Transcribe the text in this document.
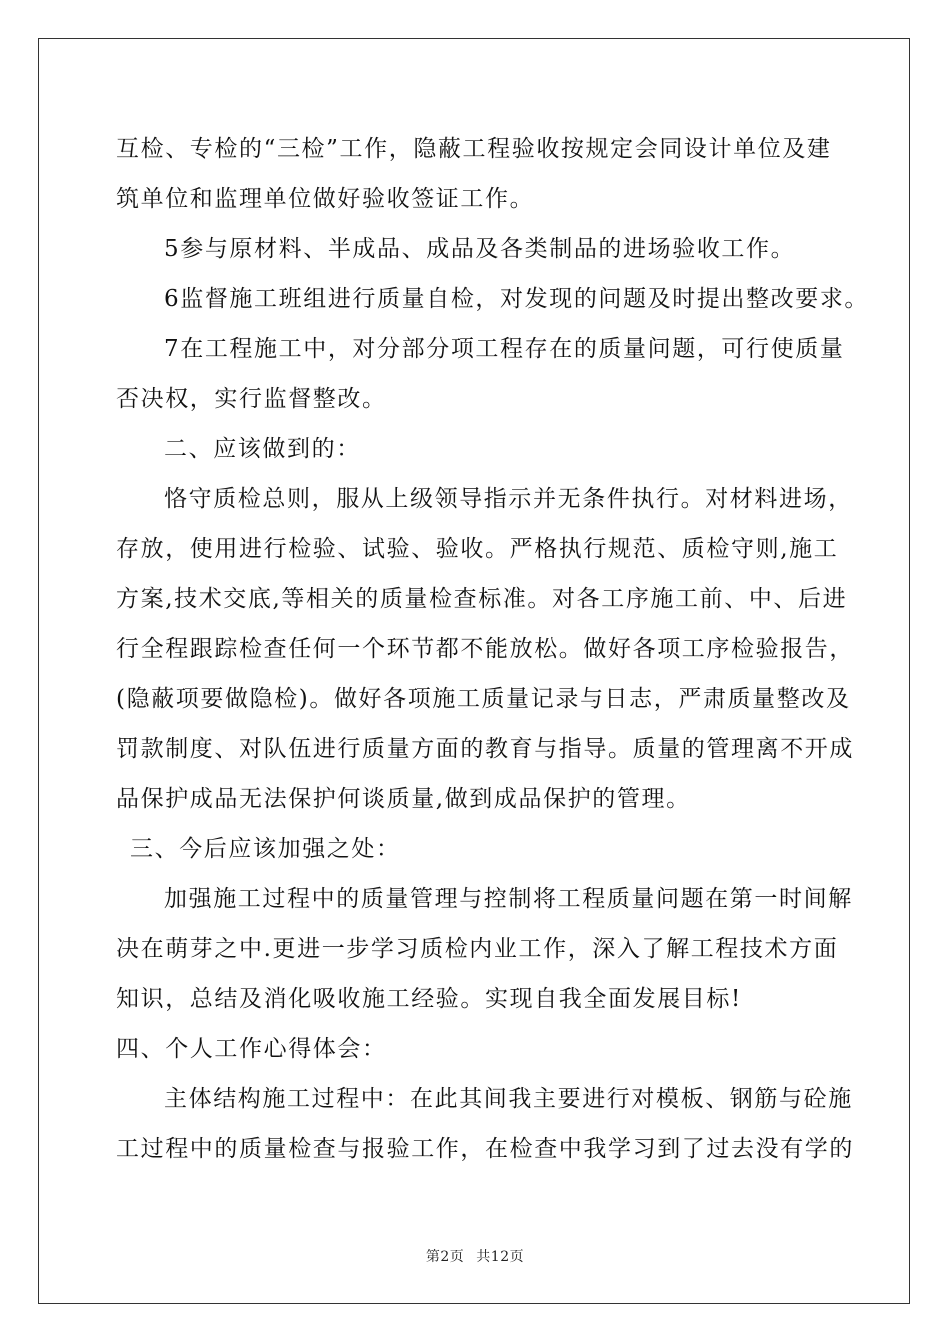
互检、专检的“三检”工作，隐蔽工程验收按规定会同设计单位及建
筑单位和监理单位做好验收签证工作。
5参与原材料、半成品、成品及各类制品的进场验收工作。
6监督施工班组进行质量自检，对发现的问题及时提出整改要求。
7在工程施工中，对分部分项工程存在的质量问题，可行使质量
否决权，实行监督整改。
二、应该做到的：
恪守质检总则，服从上级领导指示并无条件执行。对材料进场，
存放，使用进行检验、试验、验收。严格执行规范、质检守则,施工
方案,技术交底,等相关的质量检查标准。对各工序施工前、中、后进
行全程跟踪检查任何一个环节都不能放松。做好各项工序检验报告，
(隐蔽项要做隐检)。做好各项施工质量记录与日志，严肃质量整改及
罚款制度、对队伍进行质量方面的教育与指导。质量的管理离不开成
品保护成品无法保护何谈质量,做到成品保护的管理。
三、今后应该加强之处：
加强施工过程中的质量管理与控制将工程质量问题在第一时间解
决在萌芽之中.更进一步学习质检内业工作，深入了解工程技术方面
知识，总结及消化吸收施工经验。实现自我全面发展目标!
四、个人工作心得体会：
主体结构施工过程中：在此其间我主要进行对模板、钢筋与砼施
工过程中的质量检查与报验工作，在检查中我学习到了过去没有学的
第2页 共12页
